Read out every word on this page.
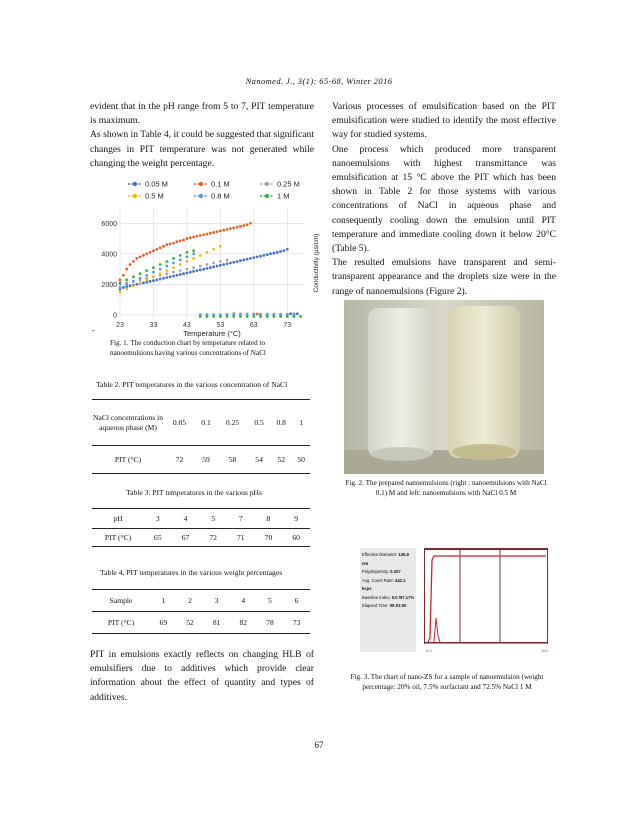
Nanomed. J., 3(1): 65-68, Winter 2016

evident that in the pH range from 5 to 7, PIT temperature is maximum.

As shown in Table 4, it could be suggested that significant changes in PIT temperature was not generated while changing the weight percentage.

0
2000
4000
6000
23	33	43	53	63	73
Temperature (°C)
Conductivity (µs/cm)
0.05 M	0.1 M	0.25 M
0.5 M	0.8 M	1 M
-
Fig. 1. The conduction chart by temperature related to nanoemulsions having various concentrations of NaCl
Table 2. PIT temperatures in the various concentration of NaCl
NaCl concentrations in aqueous phase (M)	0.05	0.1	0.25	0.5	0.8	1
PIT (°C)	72	59	58	54	52	50
Table 3. PIT temperatures in the various pHs
pH	3	4	5	7	8	9
PIT (°C)	65	67	72	71	70	60
Table 4. PIT temperatures in the various weight percentages
Sample	1	2	3	4	5	6
PIT (°C)	69	52	81	82	78	73

PIT in emulsions exactly reflects on changing HLB of emulsifiers due to additives which provide clear information about the effect of quantity and types of additives.

Various processes of emulsification based on the PIT emulsification were studied to identify the most effective way for studied systems.

One process which produced more transparent nanoemulsions with highest transmittance was emulsification at 15 °C above the PIT which has been shown in Table 2 for those systems with various concentrations of NaCl in aqueous phase and consequently cooling down the emulsion until PIT temperature and immediate cooling down it below 20°C (Table 5).

The resulted emulsions have transparent and semi-transparent appearance and the droplets size were in the range of nanoemulsions (Figure 2).

Fig. 2. The prepared nanoemulsions (right : nanoemulsions with NaCl 0.1) M and left: nanoemulsions with NaCl 0.5 M
0.0	100
Effective Diameter: 135.9 nm
Polydispersity: 0.307
Avg. Count Rate: 442.1 kcps
Baseline Index: 0.0 /97.17%
Elapsed Time: 00:03:00
Fig. 3. The chart of nano-ZS for a sample of nanoemulsion (weight percentage: 20% oil, 7.5% surfactant and 72.5% NaCl 1 M
67
